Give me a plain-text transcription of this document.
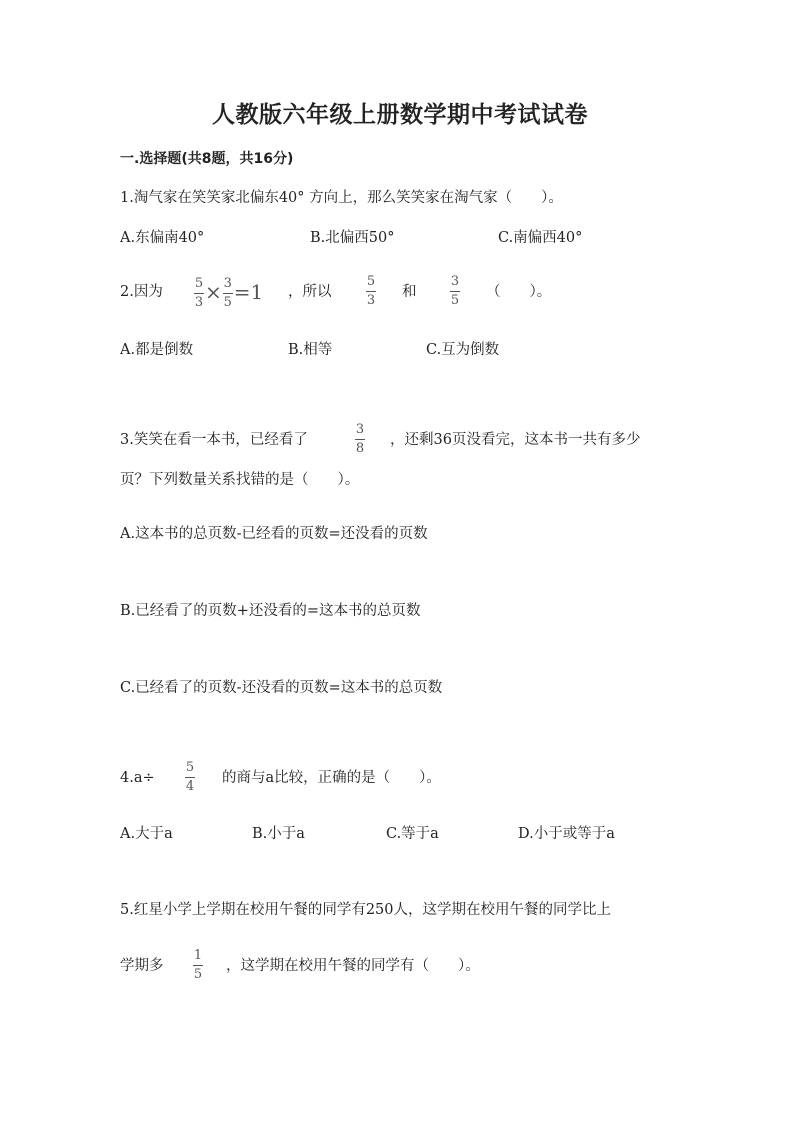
人教版六年级上册数学期中考试试卷
一.选择题(共8题，共16分)
1.淘气家在笑笑家北偏东40° 方向上，那么笑笑家在淘气家（　　）。
A.东偏南40°	B.北偏西50°	C.南偏西40°
2.因为 $\frac{5}{3} \times \frac{3}{5} =1$ ，所以
5
3
和
3
5
（　　）。
A.都是倒数	B.相等	C.互为倒数
3.笑笑在看一本书，已经看了
3
8
，还剩36页没看完，这本书一共有多少
页？下列数量关系找错的是（　　）。
A.这本书的总页数-已经看的页数=还没看的页数
B.已经看了的页数+还没看的=这本书的总页数
C.已经看了的页数-还没看的页数=这本书的总页数
4.a÷
5
4
的商与a比较，正确的是（　　）。
A.大于a	B.小于a	C.等于a	D.小于或等于a
5.红星小学上学期在校用午餐的同学有250人，这学期在校用午餐的同学比上
学期多
1
5
，这学期在校用午餐的同学有（　　）。
